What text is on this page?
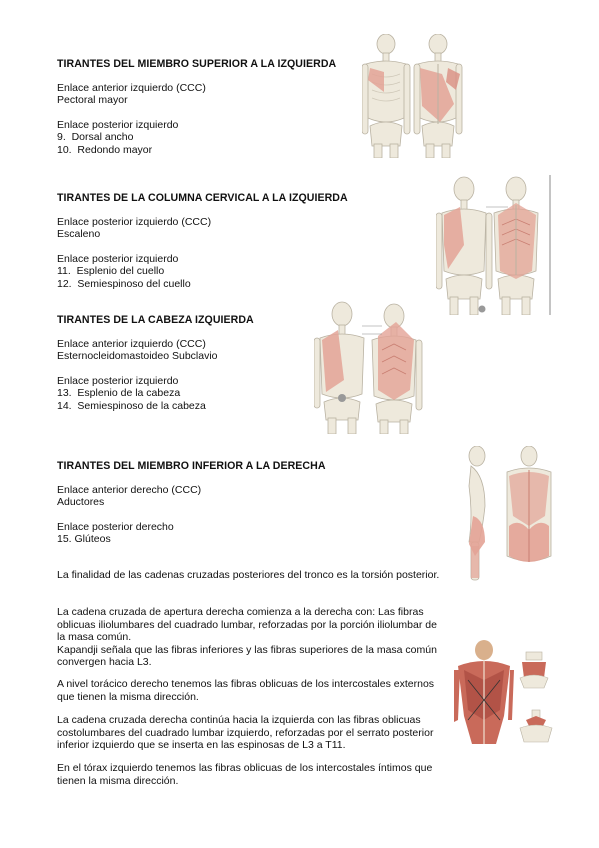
TIRANTES DEL MIEMBRO SUPERIOR A LA IZQUIERDA
Enlace anterior izquierdo (CCC)
Pectoral mayor
Enlace posterior izquierdo
9.  Dorsal ancho
10.  Redondo mayor
TIRANTES DE LA COLUMNA CERVICAL A LA IZQUIERDA
Enlace posterior izquierdo (CCC)
Escaleno
Enlace posterior izquierdo
11.  Esplenio del cuello
12.  Semiespinoso del cuello
TIRANTES DE LA CABEZA IZQUIERDA
Enlace anterior izquierdo (CCC)
Esternocleidomastoideo Subclavio
Enlace posterior izquierdo
13.  Esplenio de la cabeza
14.  Semiespinoso de la cabeza
TIRANTES DEL MIEMBRO INFERIOR A LA DERECHA
Enlace anterior derecho (CCC)
Aductores
Enlace posterior derecho
15. Glúteos
La finalidad de las cadenas cruzadas posteriores del tronco es la torsión posterior.
La cadena cruzada de apertura derecha comienza a la derecha con: Las fibras oblicuas iliolumbares del cuadrado lumbar, reforzadas por la porción iliolumbar de la masa común.
Kapandji señala que las fibras inferiores y las fibras superiores de la masa común convergen hacia L3.
A nivel torácico derecho tenemos las fibras oblicuas de los intercostales externos que tienen la misma dirección.
La cadena cruzada derecha continúa hacia la izquierda con las fibras oblicuas costolumbares del cuadrado lumbar izquierdo, reforzadas por el serrato posterior inferior izquierdo que se inserta en las espinosas de L3 a T11.
En el tórax izquierdo tenemos las fibras oblicuas de los intercostales íntimos que tienen la misma dirección.
